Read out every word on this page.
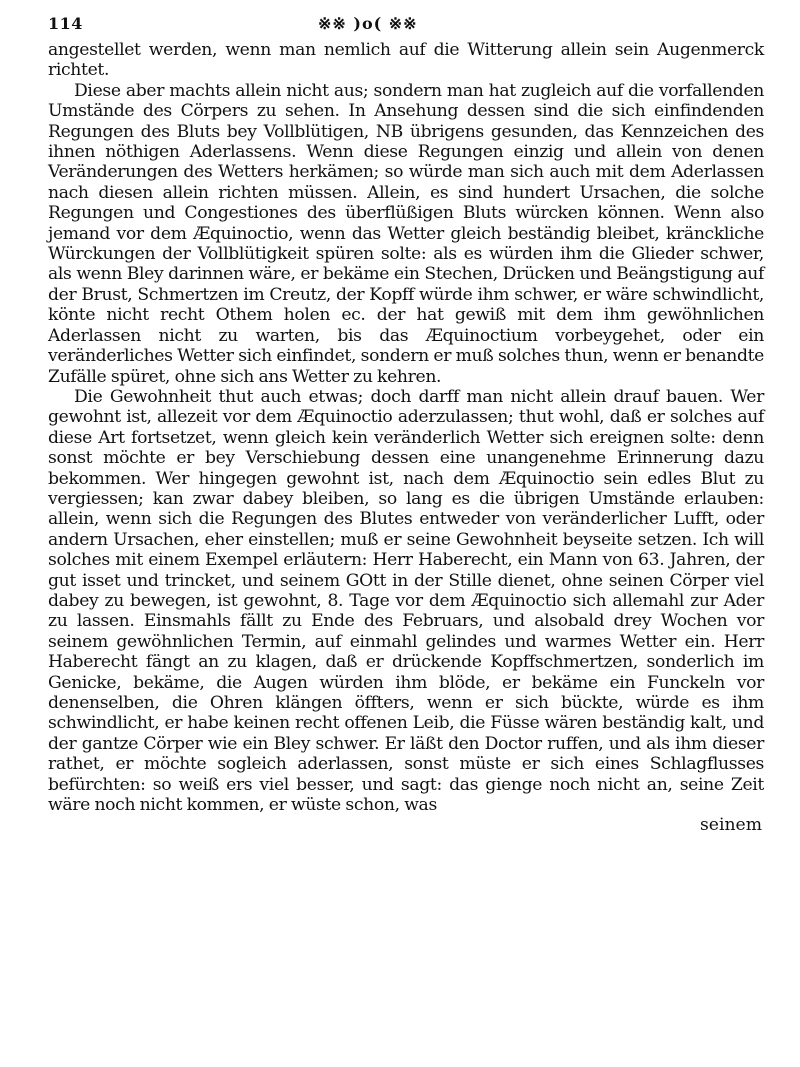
114	※※ )o( ※※

angestellet werden, wenn man nemlich auf die Witterung allein sein Augenmerck richtet.

Diese aber machts allein nicht aus; sondern man hat zugleich auf die vorfallenden Umstände des Cörpers zu sehen. In Ansehung dessen sind die sich einfindenden Regungen des Bluts bey Vollblütigen, NB übrigens gesunden, das Kennzeichen des ihnen nöthigen Aderlassens. Wenn diese Regungen einzig und allein von denen Veränderungen des Wetters herkämen; so würde man sich auch mit dem Aderlassen nach diesen allein richten müssen. Allein, es sind hundert Ursachen, die solche Regungen und Congestiones des überflüßigen Bluts würcken können. Wenn also jemand vor dem Æquinoctio, wenn das Wetter gleich beständig bleibet, kränckliche Würckungen der Vollblütigkeit spüren solte: als es würden ihm die Glieder schwer, als wenn Bley darinnen wäre, er bekäme ein Stechen, Drücken und Beängstigung auf der Brust, Schmertzen im Creutz, der Kopff würde ihm schwer, er wäre schwindlicht, könte nicht recht Othem holen ec. der hat gewiß mit dem ihm gewöhnlichen Aderlassen nicht zu warten, bis das Æquinoctium vorbeygehet, oder ein veränderliches Wetter sich einfindet, sondern er muß solches thun, wenn er benandte Zufälle spüret, ohne sich ans Wetter zu kehren.

Die Gewohnheit thut auch etwas; doch darff man nicht allein drauf bauen. Wer gewohnt ist, allezeit vor dem Æquinoctio aderzulassen; thut wohl, daß er solches auf diese Art fortsetzet, wenn gleich kein veränderlich Wetter sich ereignen solte: denn sonst möchte er bey Verschiebung dessen eine unangenehme Erinnerung dazu bekommen. Wer hingegen gewohnt ist, nach dem Æquinoctio sein edles Blut zu vergiessen; kan zwar dabey bleiben, so lang es die übrigen Umstände erlauben: allein, wenn sich die Regungen des Blutes entweder von veränderlicher Lufft, oder andern Ursachen, eher einstellen; muß er seine Gewohnheit beyseite setzen. Ich will solches mit einem Exempel erläutern: Herr Haberecht, ein Mann von 63. Jahren, der gut isset und trincket, und seinem GOtt in der Stille dienet, ohne seinen Cörper viel dabey zu bewegen, ist gewohnt, 8. Tage vor dem Æquinoctio sich allemahl zur Ader zu lassen. Einsmahls fällt zu Ende des Februars, und alsobald drey Wochen vor seinem gewöhnlichen Termin, auf einmahl gelindes und warmes Wetter ein. Herr Haberecht fängt an zu klagen, daß er drückende Kopffschmertzen, sonderlich im Genicke, bekäme, die Augen würden ihm blöde, er bekäme ein Funckeln vor denenselben, die Ohren klängen öffters, wenn er sich bückte, würde es ihm schwindlicht, er habe keinen recht offenen Leib, die Füsse wären beständig kalt, und der gantze Cörper wie ein Bley schwer. Er läßt den Doctor ruffen, und als ihm dieser rathet, er möchte sogleich aderlassen, sonst müste er sich eines Schlagflusses befürchten: so weiß ers viel besser, und sagt: das gienge noch nicht an, seine Zeit wäre noch nicht kommen, er wüste schon, was

seinem
